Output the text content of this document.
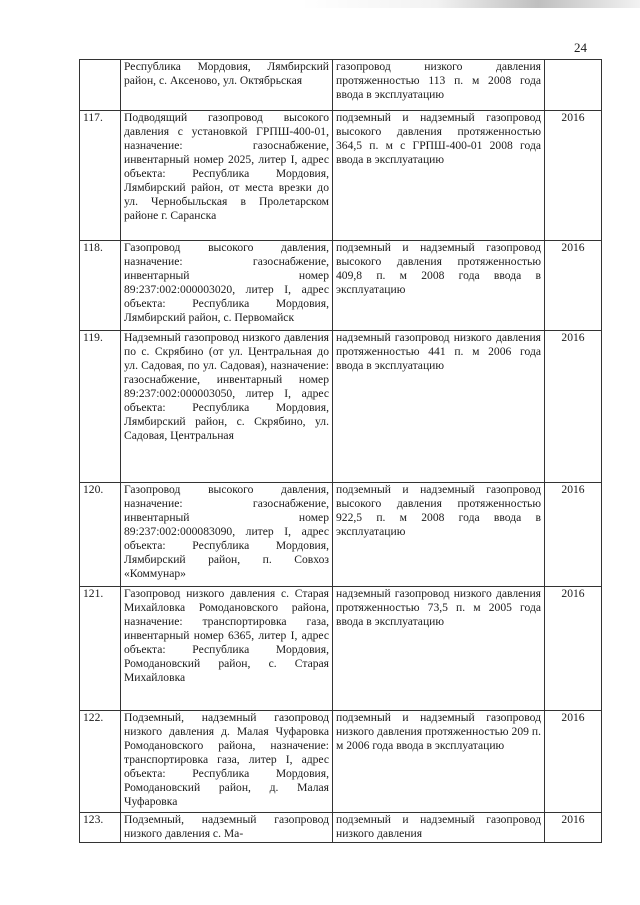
24
	Республика Мордовия, Лямбирский район, с. Аксеново, ул. Октябрьская	газопровод низкого давления протяженностью 113 п. м 2008 года ввода в эксплуатацию	
117.	Подводящий газопровод высокого давления с установкой ГРПШ-400-01, назначение: газоснабжение, инвентарный номер 2025, литер I, адрес объекта: Республика Мордовия, Лямбирский район, от места врезки до ул. Чернобыльская в Пролетарском районе г. Саранска	подземный и надземный газопровод высокого давления протяженностью 364,5 п. м с ГРПШ-400-01 2008 года ввода в эксплуатацию	2016
118.	Газопровод высокого давления, назначение: газоснабжение, инвентарный номер 89:237:002:000003020, литер I, адрес объекта: Республика Мордовия, Лямбирский район, с. Первомайск	подземный и надземный газопровод высокого давления протяженностью 409,8 п. м 2008 года ввода в эксплуатацию	2016
119.	Надземный газопровод низкого давления по с. Скрябино (от ул. Центральная до ул. Садовая, по ул. Садовая), назначение: газоснабжение, инвентарный номер 89:237:002:000003050, литер I, адрес объекта: Республика Мордовия, Лямбирский район, с. Скрябино, ул. Садовая, Центральная	надземный газопровод низкого давления протяженностью 441 п. м 2006 года ввода в эксплуатацию	2016
120.	Газопровод высокого давления, назначение: газоснабжение, инвентарный номер 89:237:002:000083090, литер I, адрес объекта: Республика Мордовия, Лямбирский район, п. Совхоз «Коммунар»	подземный и надземный газопровод высокого давления протяженностью 922,5 п. м 2008 года ввода в эксплуатацию	2016
121.	Газопровод низкого давления с. Старая Михайловка Ромодановского района, назначение: транспортировка газа, инвентарный номер 6365, литер I, адрес объекта: Республика Мордовия, Ромодановский район, с. Старая Михайловка	надземный газопровод низкого давления протяженностью 73,5 п. м 2005 года ввода в эксплуатацию	2016
122.	Подземный, надземный газопровод низкого давления д. Малая Чуфаровка Ромодановского района, назначение: транспортировка газа, литер I, адрес объекта: Республика Мордовия, Ромодановский район, д. Малая Чуфаровка	подземный и надземный газопровод низкого давления протяженностью 209 п. м 2006 года ввода в эксплуатацию	2016
123.	Подземный, надземный газопровод низкого давления с. Ма-	подземный и надземный газопровод низкого давления	2016
